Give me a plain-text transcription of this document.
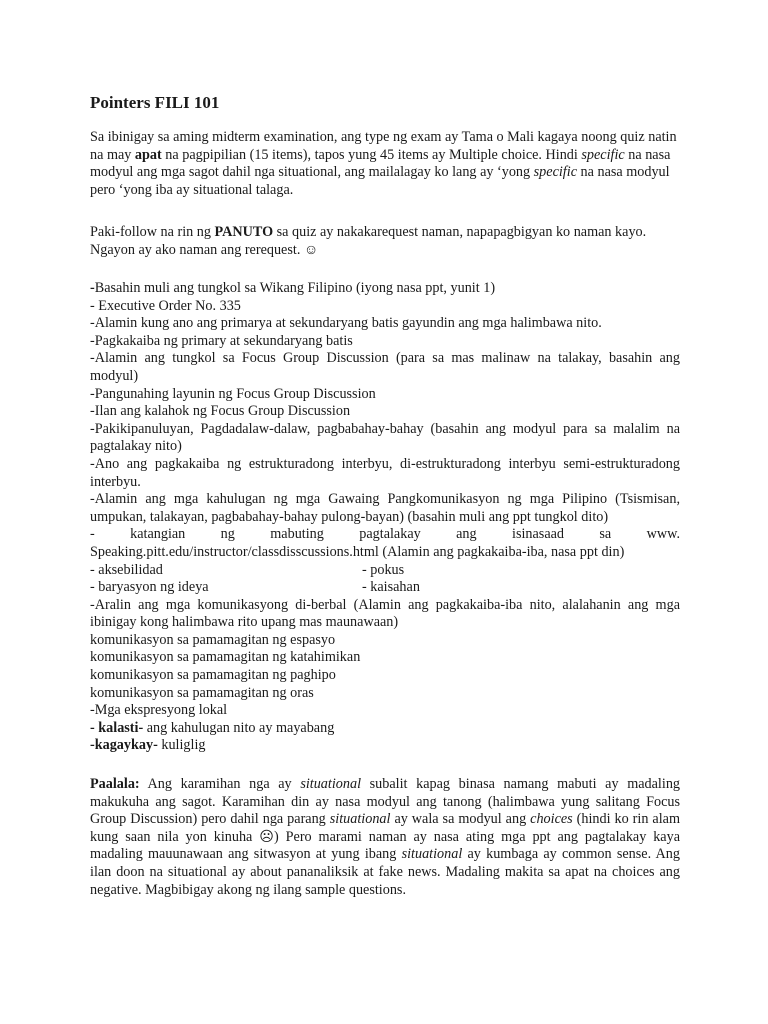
Pointers FILI 101

Sa ibinigay sa aming midterm examination, ang type ng exam ay Tama o Mali kagaya noong quiz natin na may apat na pagpipilian (15 items), tapos yung 45 items ay Multiple choice. Hindi specific na nasa modyul ang mga sagot dahil nga situational, ang mailalagay ko lang ay ‘yong specific na nasa modyul pero ‘yong iba ay situational talaga.

Paki-follow na rin ng PANUTO sa quiz ay nakakarequest naman, napapagbigyan ko naman kayo. Ngayon ay ako naman ang rerequest. ☺
-Basahin muli ang tungkol sa Wikang Filipino (iyong nasa ppt, yunit 1)
- Executive Order No. 335
-Alamin kung ano ang primarya at sekundaryang batis gayundin ang mga halimbawa nito.
-Pagkakaiba ng primary at sekundaryang batis
-Alamin ang tungkol sa Focus Group Discussion (para sa mas malinaw na talakay, basahin ang modyul)
-Pangunahing layunin ng Focus Group Discussion
-Ilan ang kalahok ng Focus Group Discussion
-Pakikipanuluyan, Pagdadalaw-dalaw, pagbabahay-bahay (basahin ang modyul para sa malalim na pagtalakay nito)
-Ano ang pagkakaiba ng estrukturadong interbyu, di-estrukturadong interbyu semi-estrukturadong interbyu.
-Alamin ang mga kahulugan ng mga Gawaing Pangkomunikasyon ng mga Pilipino (Tsismisan, umpukan, talakayan, pagbabahay-bahay pulong-bayan) (basahin muli ang ppt tungkol dito)
- katangian ng mabuting pagtalakay ang isinasaad sa www. Speaking.pitt.edu/instructor/classdisscussions.html (Alamin ang pagkakaiba-iba, nasa ppt din)
- aksebilidad	- pokus
- baryasyon ng ideya	- kaisahan
-Aralin ang mga komunikasyong di-berbal (Alamin ang pagkakaiba-iba nito, alalahanin ang mga ibinigay kong halimbawa rito upang mas maunawaan)
komunikasyon sa pamamagitan ng espasyo
komunikasyon sa pamamagitan ng katahimikan
komunikasyon sa pamamagitan ng paghipo
komunikasyon sa pamamagitan ng oras
-Mga ekspresyong lokal
- kalasti- ang kahulugan nito ay mayabang
-kagaykay- kuliglig
Paalala: Ang karamihan nga ay situational subalit kapag binasa namang mabuti ay madaling makukuha ang sagot. Karamihan din ay nasa modyul ang tanong (halimbawa yung salitang Focus Group Discussion) pero dahil nga parang situational ay wala sa modyul ang choices (hindi ko rin alam kung saan nila yon kinuha ☹) Pero marami naman ay nasa ating mga ppt ang pagtalakay kaya madaling mauunawaan ang sitwasyon at yung ibang situational ay kumbaga ay common sense. Ang ilan doon na situational ay about pananaliksik at fake news. Madaling makita sa apat na choices ang negative. Magbibigay akong ng ilang sample questions.
